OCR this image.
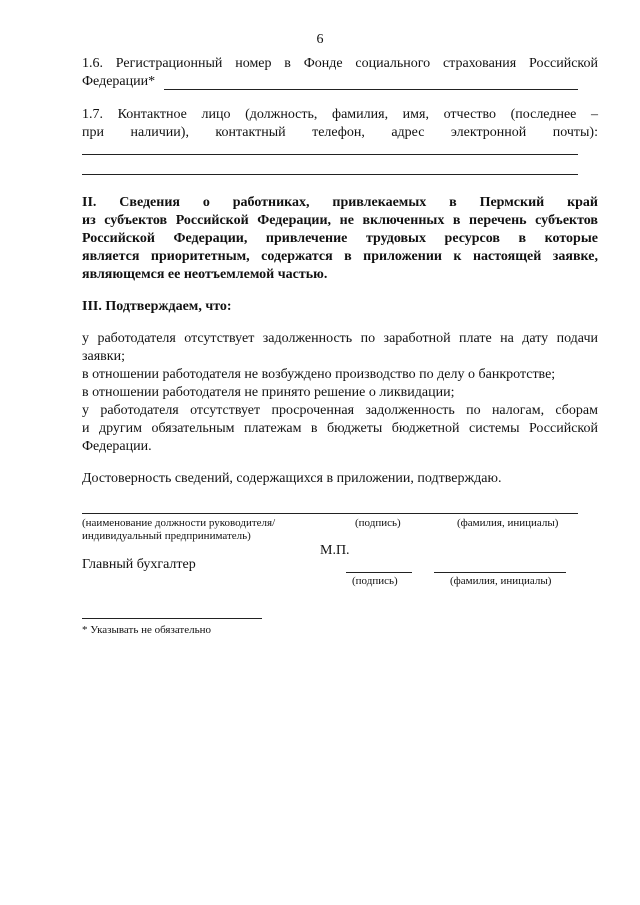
6
1.6. Регистрационный номер в Фонде социального страхования Российской
Федерации*
1.7. Контактное лицо (должность, фамилия, имя, отчество (последнее –
при наличии), контактный телефон, адрес электронной почты):
II. Сведения о работниках, привлекаемых в Пермский край
из субъектов Российской Федерации, не включенных в перечень субъектов
Российской Федерации, привлечение трудовых ресурсов в которые
является приоритетным, содержатся в приложении к настоящей заявке,
являющемся ее неотъемлемой частью.
III. Подтверждаем, что:
у работодателя отсутствует задолженность по заработной плате на дату подачи
заявки;
в отношении работодателя не возбуждено производство по делу о банкротстве;
в отношении работодателя не принято решение о ликвидации;
у работодателя отсутствует просроченная задолженность по налогам, сборам
и другим обязательным платежам в бюджеты бюджетной системы Российской
Федерации.
Достоверность сведений, содержащихся в приложении, подтверждаю.
(наименование должности руководителя/
индивидуальный предприниматель)
(подпись)	(фамилия, инициалы)
М.П.
Главный бухгалтер
(подпись)	(фамилия, инициалы)
* Указывать не обязательно
